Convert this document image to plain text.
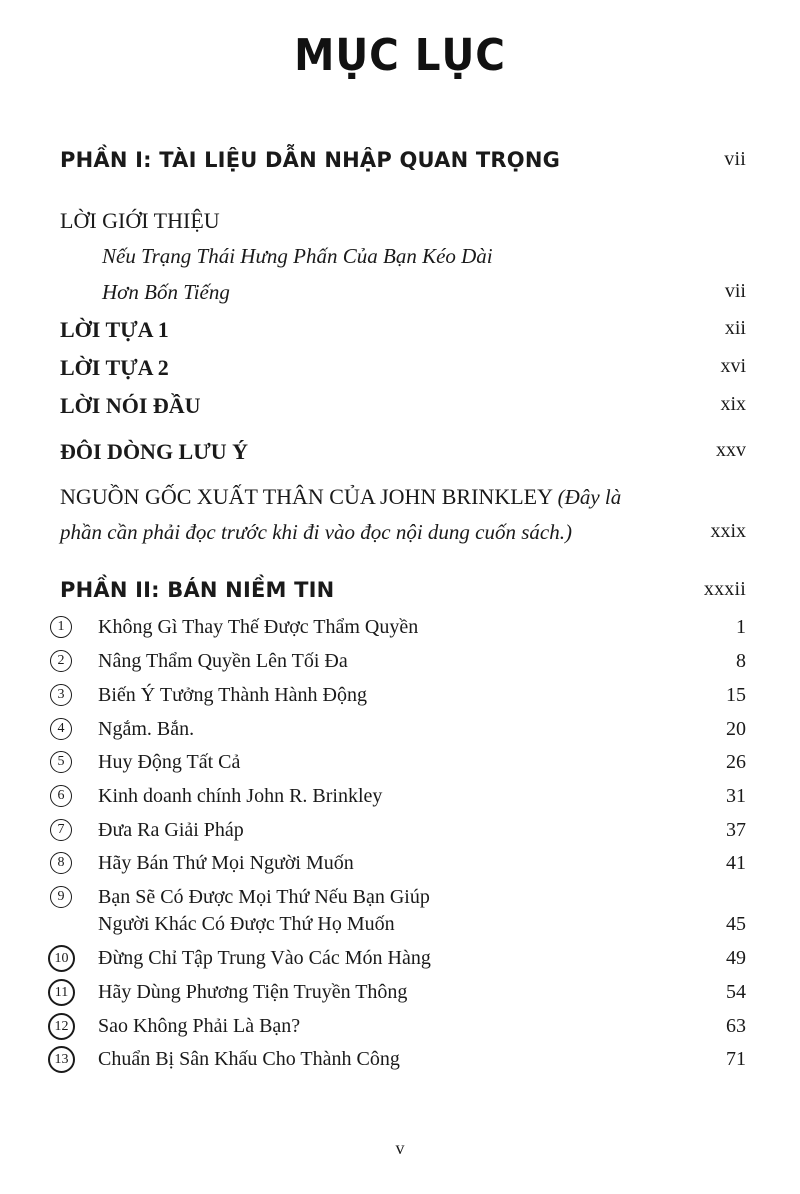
MỤC LỤC
PHẦN I: TÀI LIỆU DẪN NHẬP QUAN TRỌNG	vii
LỜI GIỚI THIỆU
Nếu Trạng Thái Hưng Phấn Của Bạn Kéo Dài
Hơn Bốn Tiếng	vii
LỜI TỰA 1	xii
LỜI TỰA 2	xvi
LỜI NÓI ĐẦU	xix
ĐÔI DÒNG LƯU Ý	xxv
NGUỒN GỐC XUẤT THÂN CỦA JOHN BRINKLEY (Đây là
phần cần phải đọc trước khi đi vào đọc nội dung cuốn sách.)	xxix
PHẦN II: BÁN NIỀM TIN	xxxii
1	Không Gì Thay Thế Được Thẩm Quyền	1
2	Nâng Thẩm Quyền Lên Tối Đa	8
3	Biến Ý Tưởng Thành Hành Động	15
4	Ngắm. Bắn.	20
5	Huy Động Tất Cả	26
6	Kinh doanh chính John R. Brinkley	31
7	Đưa Ra Giải Pháp	37
8	Hãy Bán Thứ Mọi Người Muốn	41
9	Bạn Sẽ Có Được Mọi Thứ Nếu Bạn Giúp
Người Khác Có Được Thứ Họ Muốn	45
10	Đừng Chỉ Tập Trung Vào Các Món Hàng	49
11	Hãy Dùng Phương Tiện Truyền Thông	54
12	Sao Không Phải Là Bạn?	63
13	Chuẩn Bị Sân Khấu Cho Thành Công	71
v
